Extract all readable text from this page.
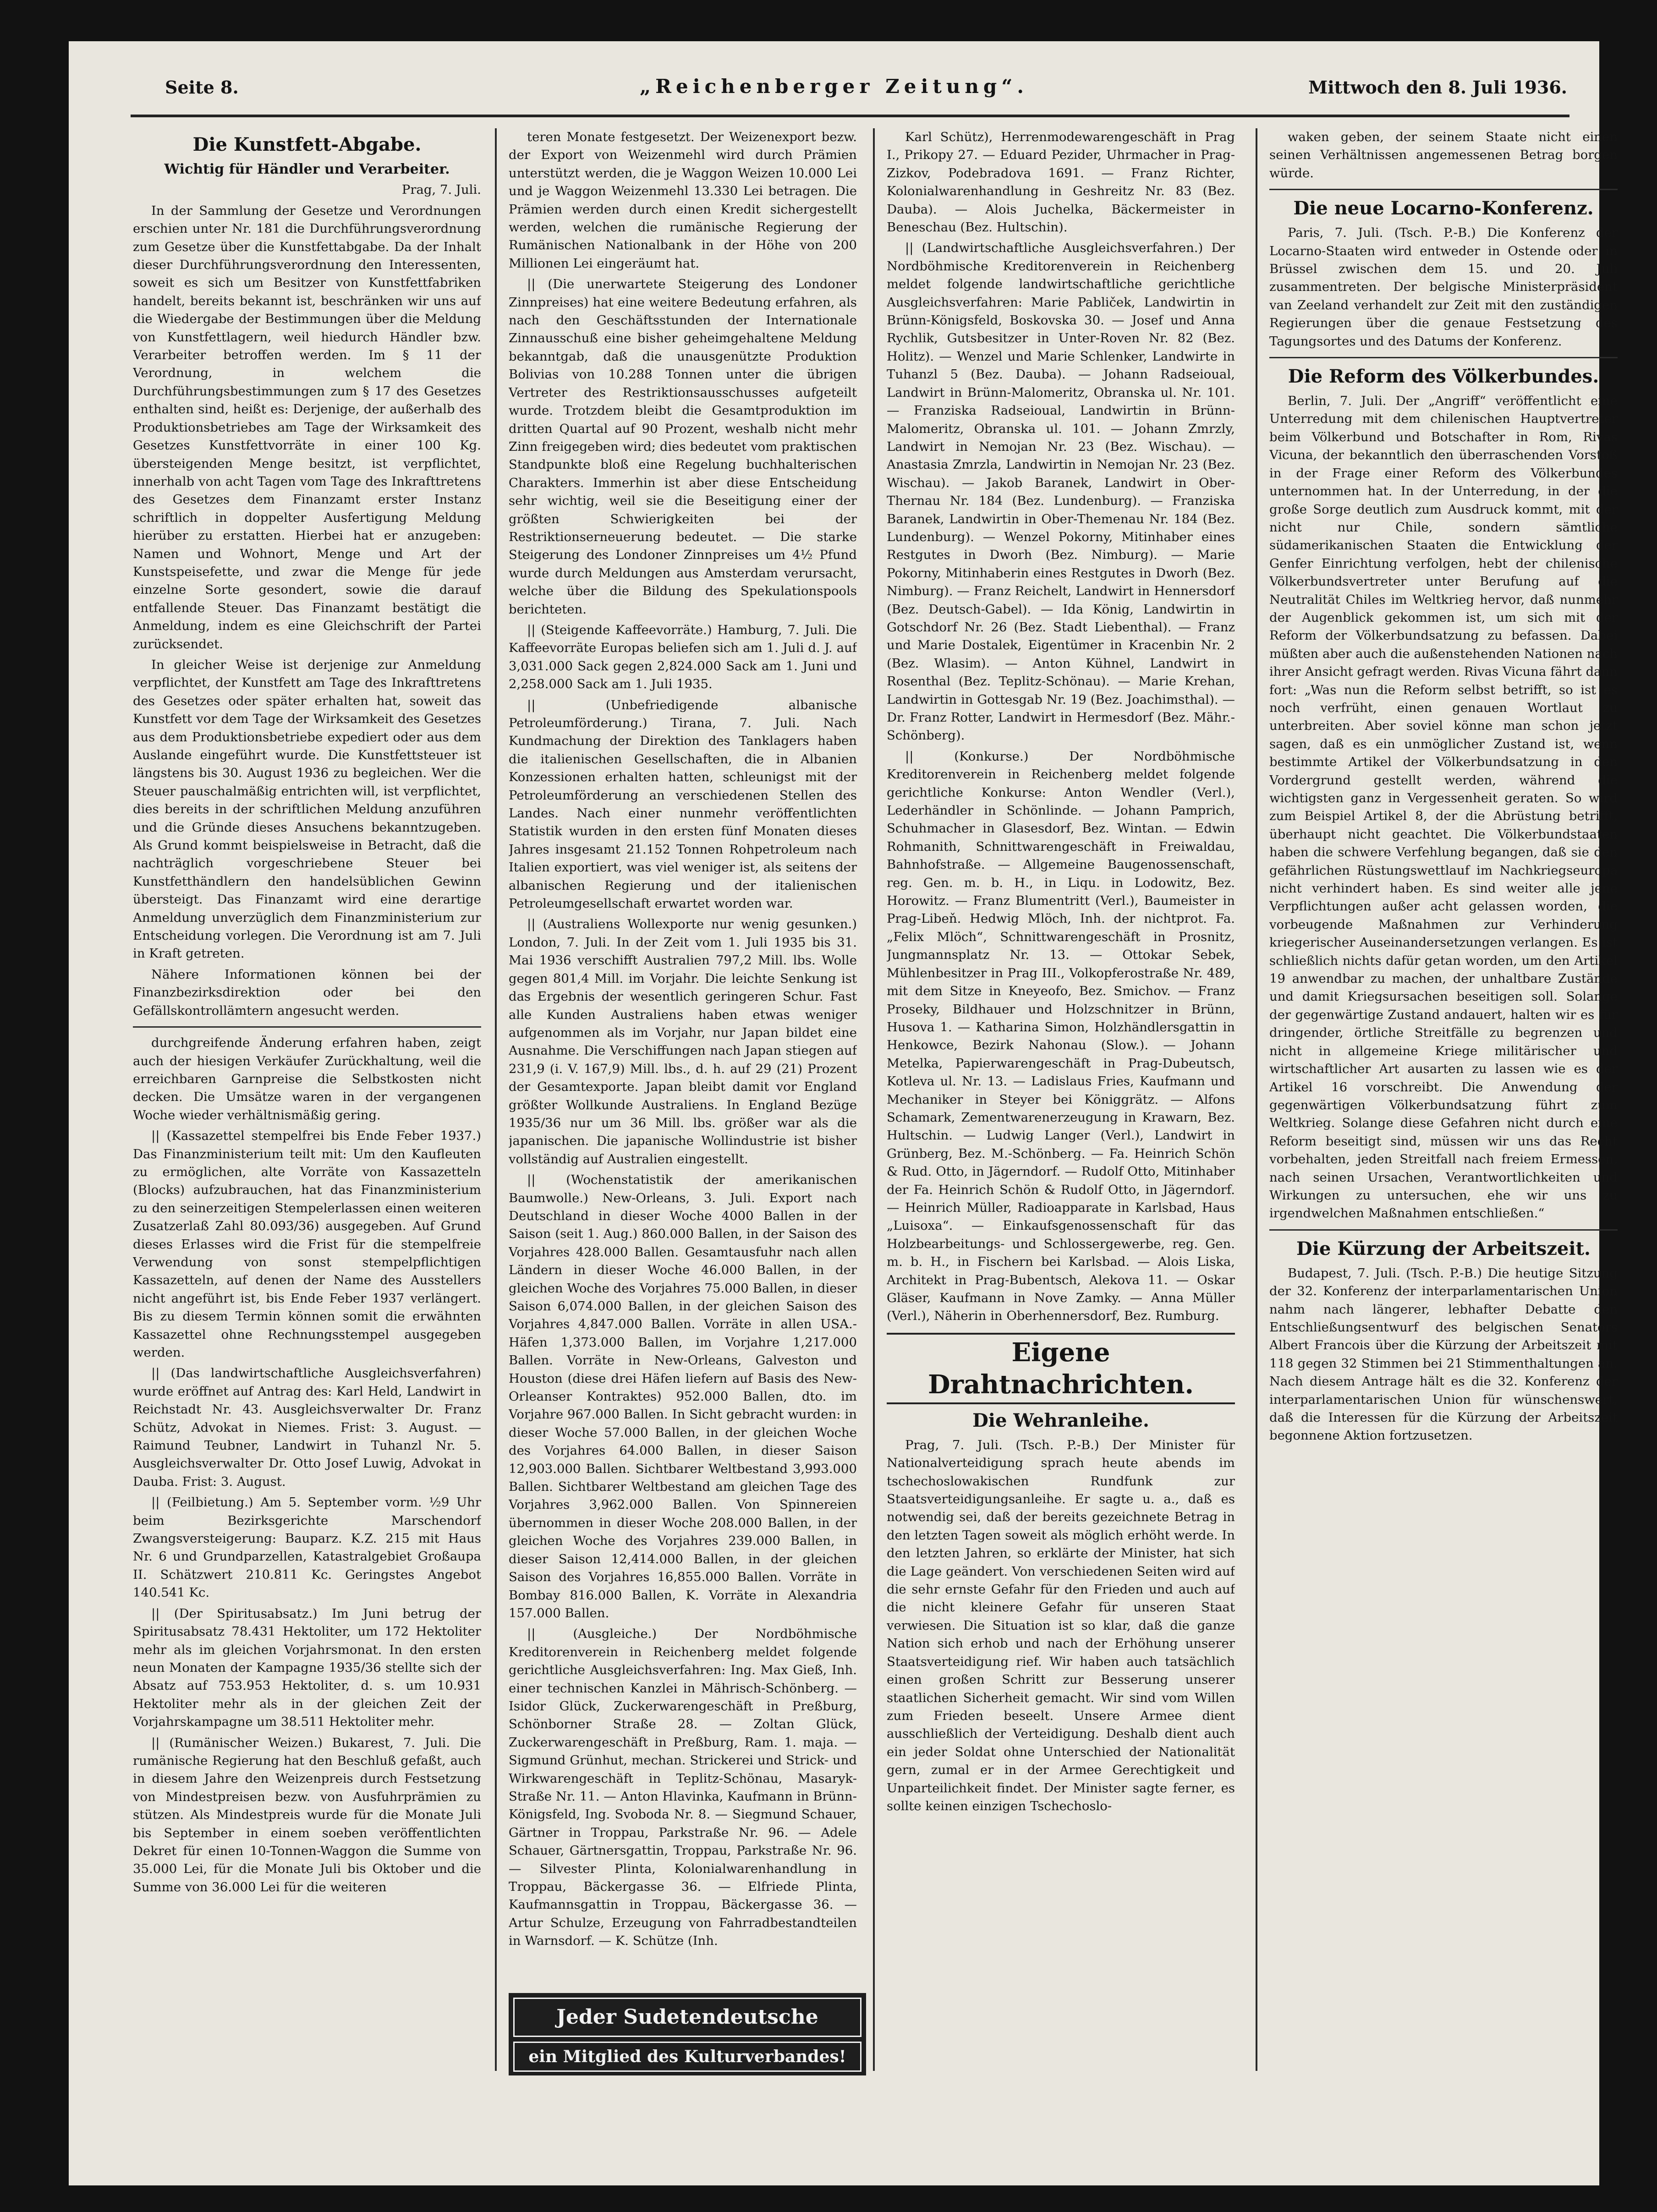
Seite 8.	„Reichenberger Zeitung“.	Mittwoch den 8. Juli 1936.
Die Kunstfett-Abgabe.
Wichtig für Händler und Verarbeiter.

Prag, 7. Juli.

In der Sammlung der Gesetze und Verordnungen erschien unter Nr. 181 die Durchführungsverordnung zum Gesetze über die Kunstfettabgabe. Da der Inhalt dieser Durchführungsverordnung den Interessenten, soweit es sich um Besitzer von Kunstfettfabriken handelt, bereits bekannt ist, beschränken wir uns auf die Wiedergabe der Bestimmungen über die Meldung von Kunstfettlagern, weil hiedurch Händler bzw. Verarbeiter betroffen werden. Im § 11 der Verordnung, in welchem die Durchführungsbestimmungen zum § 17 des Gesetzes enthalten sind, heißt es: Derjenige, der außerhalb des Produktionsbetriebes am Tage der Wirksamkeit des Gesetzes Kunstfettvorräte in einer 100 Kg. übersteigenden Menge besitzt, ist verpflichtet, innerhalb von acht Tagen vom Tage des Inkrafttretens des Gesetzes dem Finanzamt erster Instanz schriftlich in doppelter Ausfertigung Meldung hierüber zu erstatten. Hierbei hat er anzugeben: Namen und Wohnort, Menge und Art der Kunstspeisefette, und zwar die Menge für jede einzelne Sorte gesondert, sowie die darauf entfallende Steuer. Das Finanzamt bestätigt die Anmeldung, indem es eine Gleichschrift der Partei zurücksendet.

In gleicher Weise ist derjenige zur Anmeldung verpflichtet, der Kunstfett am Tage des Inkrafttretens des Gesetzes oder später erhalten hat, soweit das Kunstfett vor dem Tage der Wirksamkeit des Gesetzes aus dem Produktionsbetriebe expediert oder aus dem Auslande eingeführt wurde. Die Kunstfettsteuer ist längstens bis 30. August 1936 zu begleichen. Wer die Steuer pauschalmäßig entrichten will, ist verpflichtet, dies bereits in der schriftlichen Meldung anzuführen und die Gründe dieses Ansuchens bekanntzugeben. Als Grund kommt beispielsweise in Betracht, daß die nachträglich vorgeschriebene Steuer bei Kunstfetthändlern den handelsüblichen Gewinn übersteigt. Das Finanzamt wird eine derartige Anmeldung unverzüglich dem Finanzministerium zur Entscheidung vorlegen. Die Verordnung ist am 7. Juli in Kraft getreten.

Nähere Informationen können bei der Finanzbezirksdirektion oder bei den Gefällskontrollämtern angesucht werden.

durchgreifende Änderung erfahren haben, zeigt auch der hiesigen Verkäufer Zurückhaltung, weil die erreichbaren Garnpreise die Selbstkosten nicht decken. Die Umsätze waren in der vergangenen Woche wieder verhältnismäßig gering.

|| (Kassazettel stempelfrei bis Ende Feber 1937.) Das Finanzministerium teilt mit: Um den Kaufleuten zu ermöglichen, alte Vorräte von Kassazetteln (Blocks) aufzubrauchen, hat das Finanzministerium zu den seinerzeitigen Stempelerlassen einen weiteren Zusatzerlaß Zahl 80.093/36) ausgegeben. Auf Grund dieses Erlasses wird die Frist für die stempelfreie Verwendung von sonst stempelpflichtigen Kassazetteln, auf denen der Name des Ausstellers nicht angeführt ist, bis Ende Feber 1937 verlängert. Bis zu diesem Termin können somit die erwähnten Kassazettel ohne Rechnungsstempel ausgegeben werden.

|| (Das landwirtschaftliche Ausgleichsverfahren) wurde eröffnet auf Antrag des: Karl Held, Landwirt in Reichstadt Nr. 43. Ausgleichsverwalter Dr. Franz Schütz, Advokat in Niemes. Frist: 3. August. — Raimund Teubner, Landwirt in Tuhanzl Nr. 5. Ausgleichsverwalter Dr. Otto Josef Luwig, Advokat in Dauba. Frist: 3. August.

|| (Feilbietung.) Am 5. September vorm. ½9 Uhr beim Bezirksgerichte Marschendorf Zwangsversteigerung: Bauparz. K.Z. 215 mit Haus Nr. 6 und Grundparzellen, Katastralgebiet Großaupa II. Schätzwert 210.811 Kc. Geringstes Angebot 140.541 Kc.

|| (Der Spiritusabsatz.) Im Juni betrug der Spiritusabsatz 78.431 Hektoliter, um 172 Hektoliter mehr als im gleichen Vorjahrsmonat. In den ersten neun Monaten der Kampagne 1935/36 stellte sich der Absatz auf 753.953 Hektoliter, d. s. um 10.931 Hektoliter mehr als in der gleichen Zeit der Vorjahrskampagne um 38.511 Hektoliter mehr.

|| (Rumänischer Weizen.) Bukarest, 7. Juli. Die rumänische Regierung hat den Beschluß gefaßt, auch in diesem Jahre den Weizenpreis durch Festsetzung von Mindestpreisen bezw. von Ausfuhrprämien zu stützen. Als Mindestpreis wurde für die Monate Juli bis September in einem soeben veröffentlichten Dekret für einen 10-Tonnen-Waggon die Summe von 35.000 Lei, für die Monate Juli bis Oktober und die Summe von 36.000 Lei für die weiteren

teren Monate festgesetzt. Der Weizenexport bezw. der Export von Weizenmehl wird durch Prämien unterstützt werden, die je Waggon Weizen 10.000 Lei und je Waggon Weizenmehl 13.330 Lei betragen. Die Prämien werden durch einen Kredit sichergestellt werden, welchen die rumänische Regierung der Rumänischen Nationalbank in der Höhe von 200 Millionen Lei eingeräumt hat.

|| (Die unerwartete Steigerung des Londoner Zinnpreises) hat eine weitere Bedeutung erfahren, als nach den Geschäftsstunden der Internationale Zinnausschuß eine bisher geheimgehaltene Meldung bekanntgab, daß die unausgenützte Produktion Bolivias von 10.288 Tonnen unter die übrigen Vertreter des Restriktionsausschusses aufgeteilt wurde. Trotzdem bleibt die Gesamtproduktion im dritten Quartal auf 90 Prozent, weshalb nicht mehr Zinn freigegeben wird; dies bedeutet vom praktischen Standpunkte bloß eine Regelung buchhalterischen Charakters. Immerhin ist aber diese Entscheidung sehr wichtig, weil sie die Beseitigung einer der größten Schwierigkeiten bei der Restriktionserneuerung bedeutet. — Die starke Steigerung des Londoner Zinnpreises um 4½ Pfund wurde durch Meldungen aus Amsterdam verursacht, welche über die Bildung des Spekulationspools berichteten.

|| (Steigende Kaffeevorräte.) Hamburg, 7. Juli. Die Kaffeevorräte Europas beliefen sich am 1. Juli d. J. auf 3,031.000 Sack gegen 2,824.000 Sack am 1. Juni und 2,258.000 Sack am 1. Juli 1935.

|| (Unbefriedigende albanische Petroleumförderung.) Tirana, 7. Juli. Nach Kundmachung der Direktion des Tanklagers haben die italienischen Gesellschaften, die in Albanien Konzessionen erhalten hatten, schleunigst mit der Petroleumförderung an verschiedenen Stellen des Landes. Nach einer nunmehr veröffentlichten Statistik wurden in den ersten fünf Monaten dieses Jahres insgesamt 21.152 Tonnen Rohpetroleum nach Italien exportiert, was viel weniger ist, als seitens der albanischen Regierung und der italienischen Petroleumgesellschaft erwartet worden war.

|| (Australiens Wollexporte nur wenig gesunken.) London, 7. Juli. In der Zeit vom 1. Juli 1935 bis 31. Mai 1936 verschifft Australien 797,2 Mill. lbs. Wolle gegen 801,4 Mill. im Vorjahr. Die leichte Senkung ist das Ergebnis der wesentlich geringeren Schur. Fast alle Kunden Australiens haben etwas weniger aufgenommen als im Vorjahr, nur Japan bildet eine Ausnahme. Die Verschiffungen nach Japan stiegen auf 231,9 (i. V. 167,9) Mill. lbs., d. h. auf 29 (21) Prozent der Gesamtexporte. Japan bleibt damit vor England größter Wollkunde Australiens. In England Bezüge 1935/36 nur um 36 Mill. lbs. größer war als die japanischen. Die japanische Wollindustrie ist bisher vollständig auf Australien eingestellt.

|| (Wochenstatistik der amerikanischen Baumwolle.) New-Orleans, 3. Juli. Export nach Deutschland in dieser Woche 4000 Ballen in der Saison (seit 1. Aug.) 860.000 Ballen, in der Saison des Vorjahres 428.000 Ballen. Gesamtausfuhr nach allen Ländern in dieser Woche 46.000 Ballen, in der gleichen Woche des Vorjahres 75.000 Ballen, in dieser Saison 6,074.000 Ballen, in der gleichen Saison des Vorjahres 4,847.000 Ballen. Vorräte in allen USA.-Häfen 1,373.000 Ballen, im Vorjahre 1,217.000 Ballen. Vorräte in New-Orleans, Galveston und Houston (diese drei Häfen liefern auf Basis des New-Orleanser Kontraktes) 952.000 Ballen, dto. im Vorjahre 967.000 Ballen. In Sicht gebracht wurden: in dieser Woche 57.000 Ballen, in der gleichen Woche des Vorjahres 64.000 Ballen, in dieser Saison 12,903.000 Ballen. Sichtbarer Weltbestand 3,993.000 Ballen. Sichtbarer Weltbestand am gleichen Tage des Vorjahres 3,962.000 Ballen. Von Spinnereien übernommen in dieser Woche 208.000 Ballen, in der gleichen Woche des Vorjahres 239.000 Ballen, in dieser Saison 12,414.000 Ballen, in der gleichen Saison des Vorjahres 16,855.000 Ballen. Vorräte in Bombay 816.000 Ballen, K. Vorräte in Alexandria 157.000 Ballen.

|| (Ausgleiche.) Der Nordböhmische Kreditorenverein in Reichenberg meldet folgende gerichtliche Ausgleichsverfahren: Ing. Max Gieß, Inh. einer technischen Kanzlei in Mährisch-Schönberg. — Isidor Glück, Zuckerwarengeschäft in Preßburg, Schönborner Straße 28. — Zoltan Glück, Zuckerwarengeschäft in Preßburg, Ram. 1. maja. — Sigmund Grünhut, mechan. Strickerei und Strick- und Wirkwarengeschäft in Teplitz-Schönau, Masaryk-Straße Nr. 11. — Anton Hlavinka, Kaufmann in Brünn-Königsfeld, Ing. Svoboda Nr. 8. — Siegmund Schauer, Gärtner in Troppau, Parkstraße Nr. 96. — Adele Schauer, Gärtnersgattin, Troppau, Parkstraße Nr. 96. — Silvester Plinta, Kolonialwarenhandlung in Troppau, Bäckergasse 36. — Elfriede Plinta, Kaufmannsgattin in Troppau, Bäckergasse 36. — Artur Schulze, Erzeugung von Fahrradbestandteilen in Warnsdorf. — K. Schütze (Inh.

Jeder Sudetendeutsche
ein Mitglied des Kulturverbandes!

Karl Schütz), Herrenmodewarengeschäft in Prag I., Prikopy 27. — Eduard Pezider, Uhrmacher in Prag-Zizkov, Podebradova 1691. — Franz Richter, Kolonialwarenhandlung in Geshreitz Nr. 83 (Bez. Dauba). — Alois Juchelka, Bäckermeister in Beneschau (Bez. Hultschin).

|| (Landwirtschaftliche Ausgleichsverfahren.) Der Nordböhmische Kreditorenverein in Reichenberg meldet folgende landwirtschaftliche gerichtliche Ausgleichsverfahren: Marie Pabliček, Landwirtin in Brünn-Königsfeld, Boskovska 30. — Josef und Anna Rychlik, Gutsbesitzer in Unter-Roven Nr. 82 (Bez. Holitz). — Wenzel und Marie Schlenker, Landwirte in Tuhanzl 5 (Bez. Dauba). — Johann Radseioual, Landwirt in Brünn-Malomeritz, Obranska ul. Nr. 101. — Franziska Radseioual, Landwirtin in Brünn-Malomeritz, Obranska ul. 101. — Johann Zmrzly, Landwirt in Nemojan Nr. 23 (Bez. Wischau). — Anastasia Zmrzla, Landwirtin in Nemojan Nr. 23 (Bez. Wischau). — Jakob Baranek, Landwirt in Ober-Thernau Nr. 184 (Bez. Lundenburg). — Franziska Baranek, Landwirtin in Ober-Themenau Nr. 184 (Bez. Lundenburg). — Wenzel Pokorny, Mitinhaber eines Restgutes in Dworh (Bez. Nimburg). — Marie Pokorny, Mitinhaberin eines Restgutes in Dworh (Bez. Nimburg). — Franz Reichelt, Landwirt in Hennersdorf (Bez. Deutsch-Gabel). — Ida König, Landwirtin in Gotschdorf Nr. 26 (Bez. Stadt Liebenthal). — Franz und Marie Dostalek, Eigentümer in Kracenbin Nr. 2 (Bez. Wlasim). — Anton Kühnel, Landwirt in Rosenthal (Bez. Teplitz-Schönau). — Marie Krehan, Landwirtin in Gottesgab Nr. 19 (Bez. Joachimsthal). — Dr. Franz Rotter, Landwirt in Hermesdorf (Bez. Mähr.-Schönberg).

|| (Konkurse.) Der Nordböhmische Kreditorenverein in Reichenberg meldet folgende gerichtliche Konkurse: Anton Wendler (Verl.), Lederhändler in Schönlinde. — Johann Pamprich, Schuhmacher in Glasesdorf, Bez. Wintan. — Edwin Rohmanith, Schnittwarengeschäft in Freiwaldau, Bahnhofstraße. — Allgemeine Baugenossenschaft, reg. Gen. m. b. H., in Liqu. in Lodowitz, Bez. Horowitz. — Franz Blumentritt (Verl.), Baumeister in Prag-Libeň. Hedwig Mlöch, Inh. der nichtprot. Fa. „Felix Mlöch“, Schnittwarengeschäft in Prosnitz, Jungmannsplatz Nr. 13. — Ottokar Sebek, Mühlenbesitzer in Prag III., Volkopferostraße Nr. 489, mit dem Sitze in Kneyeofo, Bez. Smichov. — Franz Proseky, Bildhauer und Holzschnitzer in Brünn, Husova 1. — Katharina Simon, Holzhändlersgattin in Henkowce, Bezirk Nahonau (Slow.). — Johann Metelka, Papierwarengeschäft in Prag-Dubeutsch, Kotleva ul. Nr. 13. — Ladislaus Fries, Kaufmann und Mechaniker in Steyer bei Königgrätz. — Alfons Schamark, Zementwarenerzeugung in Krawarn, Bez. Hultschin. — Ludwig Langer (Verl.), Landwirt in Grünberg, Bez. M.-Schönberg. — Fa. Heinrich Schön & Rud. Otto, in Jägerndorf. — Rudolf Otto, Mitinhaber der Fa. Heinrich Schön & Rudolf Otto, in Jägerndorf. — Heinrich Müller, Radioapparate in Karlsbad, Haus „Luisoxa“. — Einkaufsgenossenschaft für das Holzbearbeitungs- und Schlossergewerbe, reg. Gen. m. b. H., in Fischern bei Karlsbad. — Alois Liska, Architekt in Prag-Bubentsch, Alekova 11. — Oskar Gläser, Kaufmann in Nove Zamky. — Anna Müller (Verl.), Näherin in Oberhennersdorf, Bez. Rumburg.

Eigene Drahtnachrichten.
Die Wehranleihe.

Prag, 7. Juli. (Tsch. P.-B.) Der Minister für Nationalverteidigung sprach heute abends im tschechoslowakischen Rundfunk zur Staatsverteidigungsanleihe. Er sagte u. a., daß es notwendig sei, daß der bereits gezeichnete Betrag in den letzten Tagen soweit als möglich erhöht werde. In den letzten Jahren, so erklärte der Minister, hat sich die Lage geändert. Von verschiedenen Seiten wird auf die sehr ernste Gefahr für den Frieden und auch auf die nicht kleinere Gefahr für unseren Staat verwiesen. Die Situation ist so klar, daß die ganze Nation sich erhob und nach der Erhöhung unserer Staatsverteidigung rief. Wir haben auch tatsächlich einen großen Schritt zur Besserung unserer staatlichen Sicherheit gemacht. Wir sind vom Willen zum Frieden beseelt. Unsere Armee dient ausschließlich der Verteidigung. Deshalb dient auch ein jeder Soldat ohne Unterschied der Nationalität gern, zumal er in der Armee Gerechtigkeit und Unparteilichkeit findet. Der Minister sagte ferner, es sollte keinen einzigen Tschechoslo-

waken geben, der seinem Staate nicht einen seinen Verhältnissen angemessenen Betrag borgen würde.

Die neue Locarno-Konferenz.

Paris, 7. Juli. (Tsch. P.-B.) Die Konferenz der Locarno-Staaten wird entweder in Ostende oder in Brüssel zwischen dem 15. und 20. Juli zusammentreten. Der belgische Ministerpräsident van Zeeland verhandelt zur Zeit mit den zuständigen Regierungen über die genaue Festsetzung des Tagungsortes und des Datums der Konferenz.

Die Reform des Völkerbundes.

Berlin, 7. Juli. Der „Angriff“ veröffentlicht eine Unterredung mit dem chilenischen Hauptvertreter beim Völkerbund und Botschafter in Rom, Rivas Vicuna, der bekanntlich den überraschenden Vorstoß in der Frage einer Reform des Völkerbundes unternommen hat. In der Unterredung, in der die große Sorge deutlich zum Ausdruck kommt, mit der nicht nur Chile, sondern sämtliche südamerikanischen Staaten die Entwicklung der Genfer Einrichtung verfolgen, hebt der chilenische Völkerbundsvertreter unter Berufung auf die Neutralität Chiles im Weltkrieg hervor, daß nunmehr der Augenblick gekommen ist, um sich mit der Reform der Völkerbundsatzung zu befassen. Dabei müßten aber auch die außenstehenden Nationen nach ihrer Ansicht gefragt werden. Rivas Vicuna fährt dann fort: „Was nun die Reform selbst betrifft, so ist es noch verfrüht, einen genauen Wortlaut zu unterbreiten. Aber soviel könne man schon jetzt sagen, daß es ein unmöglicher Zustand ist, wenn bestimmte Artikel der Völkerbundsatzung in den Vordergrund gestellt werden, während die wichtigsten ganz in Vergessenheit geraten. So wird zum Beispiel Artikel 8, der die Abrüstung betrifft, überhaupt nicht geachtet. Die Völkerbundstaaten haben die schwere Verfehlung begangen, daß sie den gefährlichen Rüstungswettlauf im Nachkriegseuropa nicht verhindert haben. Es sind weiter alle jene Verpflichtungen außer acht gelassen worden, die vorbeugende Maßnahmen zur Verhinderung kriegerischer Auseinandersetzungen verlangen. Es ist schließlich nichts dafür getan worden, um den Artikel 19 anwendbar zu machen, der unhaltbare Zustände und damit Kriegsursachen beseitigen soll. Solange der gegenwärtige Zustand andauert, halten wir es für dringender, örtliche Streitfälle zu begrenzen und nicht in allgemeine Kriege militärischer und wirtschaftlicher Art ausarten zu lassen wie es der Artikel 16 vorschreibt. Die Anwendung der gegenwärtigen Völkerbundsatzung führt zum Weltkrieg. Solange diese Gefahren nicht durch eine Reform beseitigt sind, müssen wir uns das Recht vorbehalten, jeden Streitfall nach freiem Ermessen, nach seinen Ursachen, Verantwortlichkeiten und Wirkungen zu untersuchen, ehe wir uns zu irgendwelchen Maßnahmen entschließen.“

Die Kürzung der Arbeitszeit.

Budapest, 7. Juli. (Tsch. P.-B.) Die heutige Sitzung der 32. Konferenz der interparlamentarischen Union nahm nach längerer, lebhafter Debatte den Entschließungsentwurf des belgischen Senators Albert Francois über die Kürzung der Arbeitszeit mit 118 gegen 32 Stimmen bei 21 Stimmenthaltungen an. Nach diesem Antrage hält es die 32. Konferenz der interparlamentarischen Union für wünschenswert, daß die Interessen für die Kürzung der Arbeitszeit begonnene Aktion fortzusetzen.
